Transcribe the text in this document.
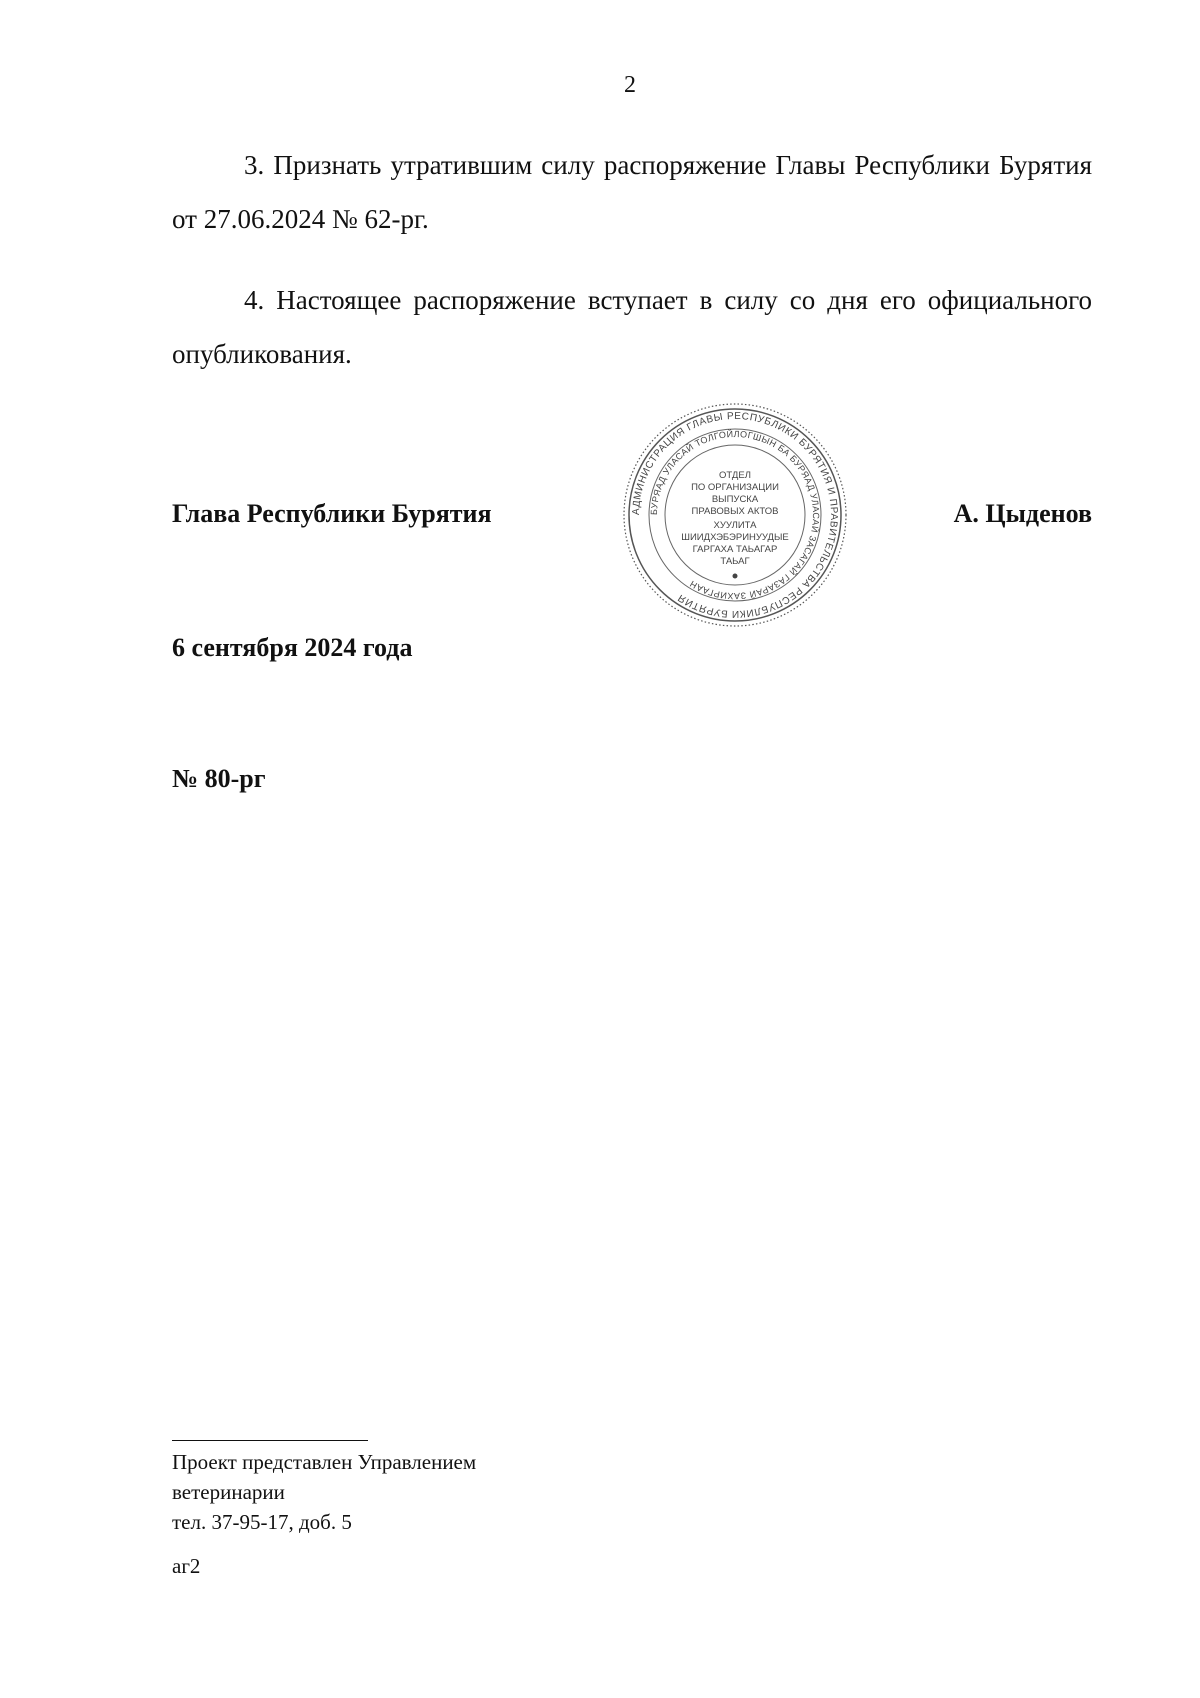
2
3. Признать утратившим силу распоряжение Главы Республики Бурятия от 27.06.2024 № 62-рг.
4. Настоящее распоряжение вступает в силу со дня его официального опубликования.
Глава Республики Бурятия	АДМИНИСТРАЦИЯ ГЛАВЫ РЕСПУБЛИКИ БУРЯТИЯ И ПРАВИТЕЛЬСТВА РЕСПУБЛИКИ БУРЯТИЯ
БУРЯАД УЛАСАЙ ТОЛГОЙЛОГШЫН БА БУРЯАД УЛАСАЙ ЗАСАГАЙ ГАЗАРАЙ ЗАХИРГААН
ОТДЕЛ
ПО ОРГАНИЗАЦИИ
ВЫПУСКА
ПРАВОВЫХ АКТОВ
ХУУЛИТА
ШИИДХЭБЭРИНУУДЫЕ
ГАРГАХА ТАЬАГАР
ТАЬАГ
А. Цыденов
6 сентября 2024 года
№ 80-рг
Проект представлен Управлением
ветеринарии
тел. 37-95-17, доб. 5
аг2
